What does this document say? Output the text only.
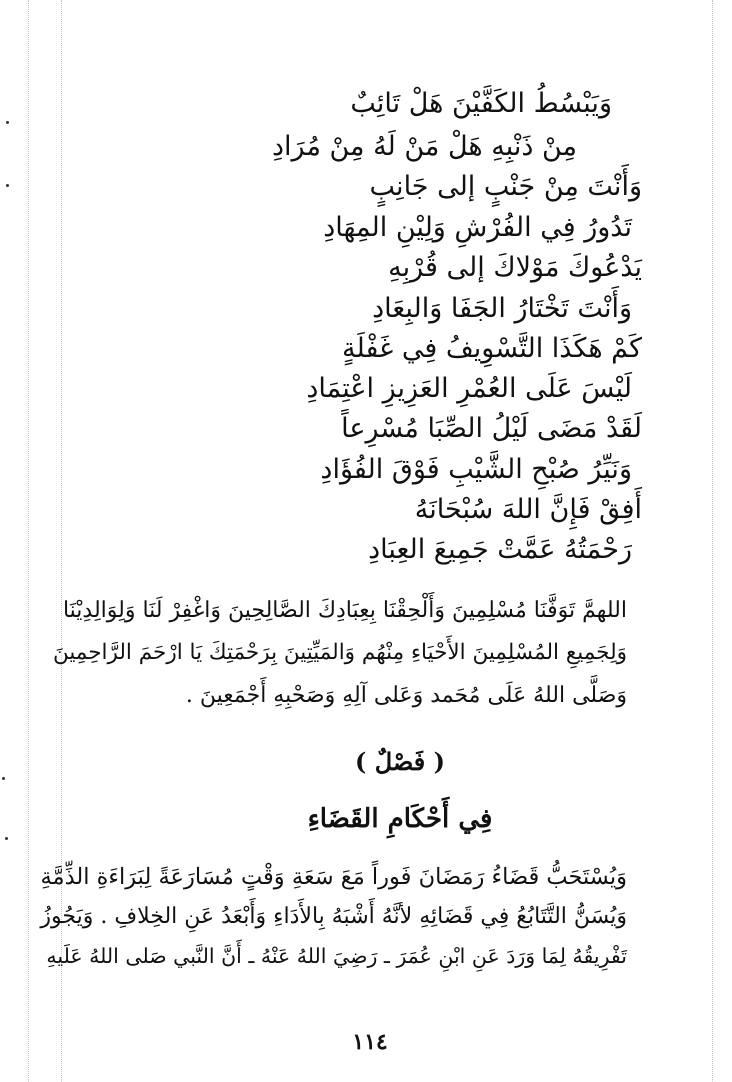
وَيَبْسُطُ الكَفَّيْنَ هَلْ تَائِبٌ
مِنْ ذَنْبِهِ هَلْ مَنْ لَهُ مِنْ مُرَادِ
وَأَنْتَ مِنْ جَنْبٍ إلى جَانِبٍ
تَدُورُ فِي الفُرْشِ وَلِيْنِ المِهَادِ
يَدْعُوكَ مَوْلاكَ إلى قُرْبِهِ
وَأَنْتَ تَخْتَارُ الجَفَا وَالبِعَادِ
كَمْ هَكَذَا التَّسْوِيفُ فِي غَفْلَةٍ
لَيْسَ عَلَى العُمْرِ العَزِيزِ اعْتِمَادِ
لَقَدْ مَضَى لَيْلُ الصِّبَا مُسْرِعاً
وَنَيِّرُ صُبْحِ الشَّيْبِ فَوْقَ الفُؤَادِ
أَفِقْ فَإِنَّ اللهَ سُبْحَانَهُ
رَحْمَتُهُ عَمَّتْ جَمِيعَ العِبَادِ
اللهمَّ تَوَفَّنَا مُسْلِمِينَ وَأَلْحِقْنَا بِعِبَادِكَ الصَّالِحِينَ وَاغْفِرْ لَنَا وَلِوَالِدِيْنَا
وَلِجَمِيعِ المُسْلِمِينَ الأَحْيَاءِ مِنْهُم وَالمَيِّتِينَ بِرَحْمَتِكَ يَا ارْحَمَ الرَّاحِمِينَ
وَصَلَّى اللهُ عَلَى مُحَمد وَعَلى آلِهِ وَصَحْبِهِ أَجْمَعِينَ .
( فَصْلٌ )
فِي أَحْكَامِ القَضَاءِ
وَيُسْتَحَبُّ قَضَاءُ رَمَضَانَ فَوراً مَعَ سَعَةِ وَقْتٍ مُسَارَعَةً لِبَرَاءَةِ الذِّمَّةِ
وَيُسَنُّ التَّتَابُعُ فِي قَضَائِهِ لأنَّهُ أَشْبَهُ بِالأَدَاءِ وَأَبْعَدُ عَنِ الخِلافِ . وَيَجُوزُ
تَفْرِيقُهُ لِمَا وَرَدَ عَنِ ابْنِ عُمَرَ ـ رَضِيَ اللهُ عَنْهُ ـ أَنَّ النَّبي صَلى اللهُ عَلَيهِ
١١٤
